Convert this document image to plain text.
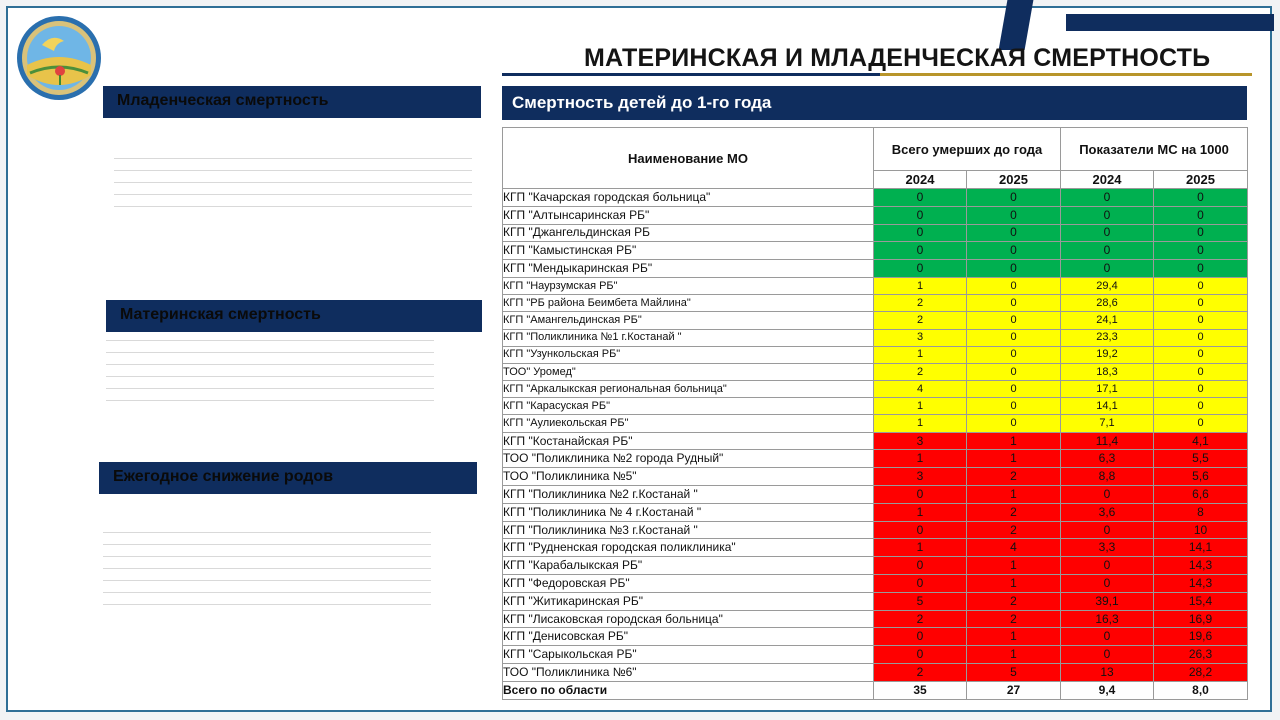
МАТЕРИНСКАЯ И МЛАДЕНЧЕСКАЯ СМЕРТНОСТЬ
Младенческая смертность
Материнская смертность
Ежегодное снижение родов
Смертность детей до 1-го года
Наименование МО	Всего умерших до года		Показатели МС на 1000	
	2024	2025	2024	2025
КГП "Качарская городская больница"	0	0	0	0
КГП "Алтынсаринская РБ"	0	0	0	0
КГП "Джангельдинская РБ	0	0	0	0
КГП "Камыстинская РБ"	0	0	0	0
КГП "Мендыкаринская РБ"	0	0	0	0
КГП "Наурзумская РБ"	1	0	29,4	0
КГП "РБ района Беимбета Майлина"	2	0	28,6	0
КГП "Амангельдинская РБ"	2	0	24,1	0
КГП "Поликлиника №1 г.Костанай "	3	0	23,3	0
КГП "Узункольская РБ"	1	0	19,2	0
ТОО" Уромед"	2	0	18,3	0
КГП "Аркалыкская региональная больница"	4	0	17,1	0
КГП "Карасуская РБ"	1	0	14,1	0
КГП "Аулиекольская РБ"	1	0	7,1	0
КГП "Костанайская РБ"	3	1	11,4	4,1
ТОО "Поликлиника №2 города Рудный"	1	1	6,3	5,5
ТОО "Поликлиника №5"	3	2	8,8	5,6
КГП "Поликлиника №2 г.Костанай "	0	1	0	6,6
КГП "Поликлиника № 4 г.Костанай "	1	2	3,6	8
КГП "Поликлиника №3 г.Костанай "	0	2	0	10
КГП "Рудненская городская поликлиника"	1	4	3,3	14,1
КГП "Карабалыкская РБ"	0	1	0	14,3
КГП "Федоровская РБ"	0	1	0	14,3
КГП "Житикаринская РБ"	5	2	39,1	15,4
КГП "Лисаковская городская больница"	2	2	16,3	16,9
КГП "Денисовская РБ"	0	1	0	19,6
КГП "Сарыкольская РБ"	0	1	0	26,3
ТОО "Поликлиника №6"	2	5	13	28,2
Всего по области	35	27	9,4	8,0
